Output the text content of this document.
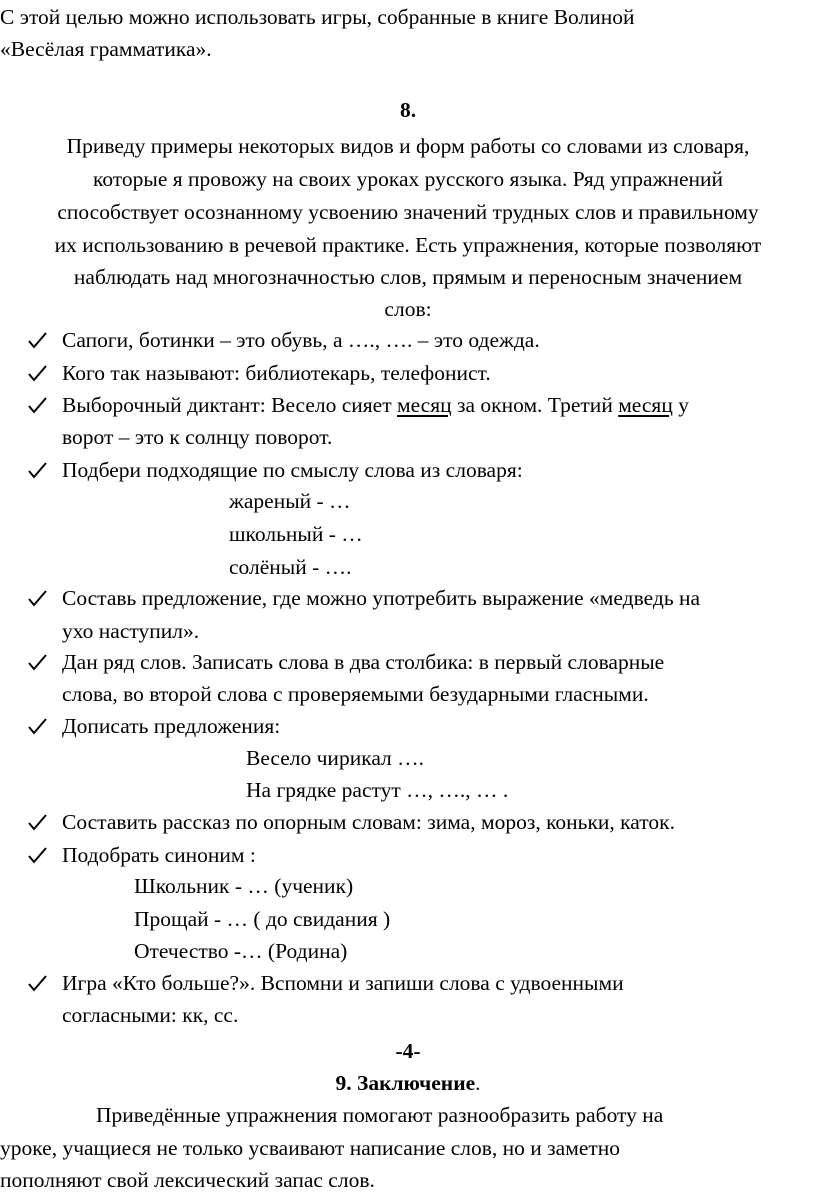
С этой целью можно использовать игры, собранные в книге Волиной
«Весёлая грамматика».
8.
Приведу примеры некоторых видов и форм работы со словами из словаря,
которые я провожу на своих уроках русского языка. Ряд упражнений
способствует осознанному усвоению значений трудных слов и правильному
их использованию в речевой практике. Есть упражнения, которые позволяют
наблюдать над многозначностью слов, прямым и переносным значением
слов:
Сапоги, ботинки – это обувь, а …., …. – это одежда.
Кого так называют: библиотекарь, телефонист.
Выборочный диктант: Весело сияет месяц за окном. Третий месяц у
ворот – это к солнцу поворот.
Подбери подходящие по смыслу слова из словаря:
жареный - …
школьный - …
солёный - ….
Составь предложение, где можно употребить выражение «медведь на
ухо наступил».
Дан ряд слов. Записать слова в два столбика: в первый словарные
слова, во второй слова с проверяемыми безударными гласными.
Дописать предложения:
Весело чирикал ….
На грядке растут …, …., … .
Составить рассказ по опорным словам: зима, мороз, коньки, каток.
Подобрать синоним :
Школьник - … (ученик)
Прощай - … ( до свидания )
Отечество -… (Родина)
Игра «Кто больше?». Вспомни и запиши слова с удвоенными
согласными: кк, сс.
-4-
9. Заключение.
Приведённые упражнения помогают разнообразить работу на
уроке, учащиеся не только усваивают написание слов, но и заметно
пополняют свой лексический запас слов.
